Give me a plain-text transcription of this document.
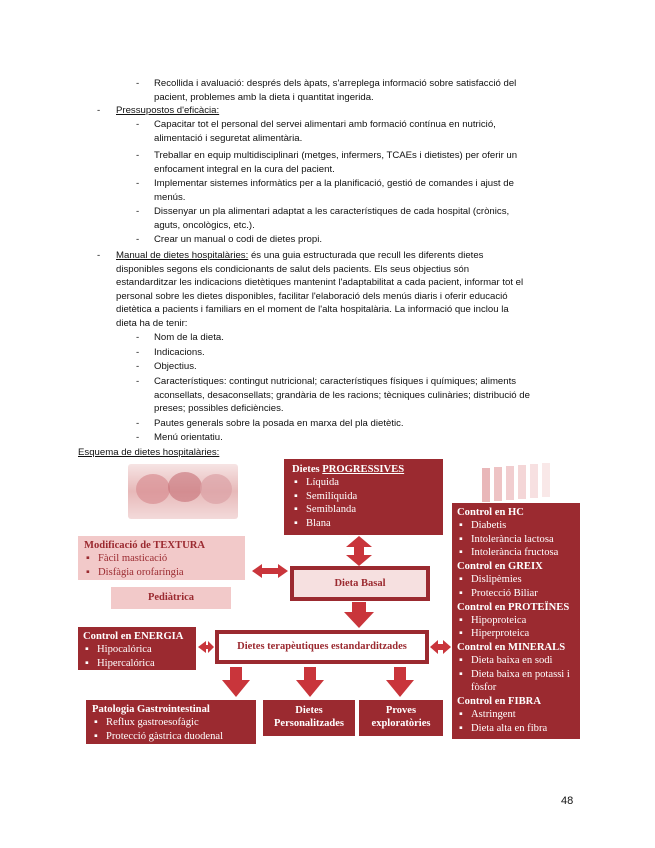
- Recollida i avaluació: després dels àpats, s'arreplega informació sobre satisfacció del
pacient, problemes amb la dieta i quantitat ingerida.
- Pressupostos d'eficàcia:
- Capacitar tot el personal del servei alimentari amb formació contínua en nutrició,
alimentació i seguretat alimentària.
- Treballar en equip multidisciplinari (metges, infermers, TCAEs i dietistes) per oferir un
enfocament integral en la cura del pacient.
- Implementar sistemes informàtics per a la planificació, gestió de comandes i ajust de
menús.
- Dissenyar un pla alimentari adaptat a les característiques de cada hospital (crònics,
aguts, oncològics, etc.).
- Crear un manual o codi de dietes propi.
- Manual de dietes hospitalàries: és una guia estructurada que recull les diferents dietes
disponibles segons els condicionants de salut dels pacients. Els seus objectius són
estandarditzar les indicacions dietètiques mantenint l'adaptabilitat a cada pacient, informar tot el
personal sobre les dietes disponibles, facilitar l'elaboració dels menús diaris i oferir educació
dietètica a pacients i familiars en el moment de l'alta hospitalària. La informació que inclou la
dieta ha de tenir:
- Nom de la dieta.
- Indicacions.
- Objectius.
- Característiques: contingut nutricional; característiques físiques i químiques; aliments
aconsellats, desaconsellats; grandària de les racions; tècniques culinàries; distribució de
preses; possibles deficiències.
- Pautes generals sobre la posada en marxa del pla dietètic.
- Menú orientatiu.
Esquema de dietes hospitalàries:
Dietes PROGRESSIVES
▪ Líquida
▪ Semilíquida
▪ Semiblanda
▪ Blana
Modificació de TEXTURA
▪ Fàcil masticació
▪ Disfàgia orofaríngia
Pediàtrica
Dieta Basal
Control en ENERGIA
▪ Hipocalórica
▪ Hipercalórica
Dietes terapèutiques estandarditzades
Patologia Gastrointestinal
▪ Reflux gastroesofàgic
▪ Protecció gàstrica duodenal
Dietes
Personalitzades
Proves
exploratòries
Control en HC
▪ Diabetis
▪ Intolerància lactosa
▪ Intolerància fructosa
Control en GREIX
▪ Dislipèmies
▪ Protecció Biliar
Control en PROTEÏNES
▪ Hipoproteica
▪ Hiperproteica
Control en MINERALS
▪ Dieta baixa en sodi
▪ Dieta baixa en potassi i fòsfor
Control en FIBRA
▪ Astringent
▪ Dieta alta en fibra
48
